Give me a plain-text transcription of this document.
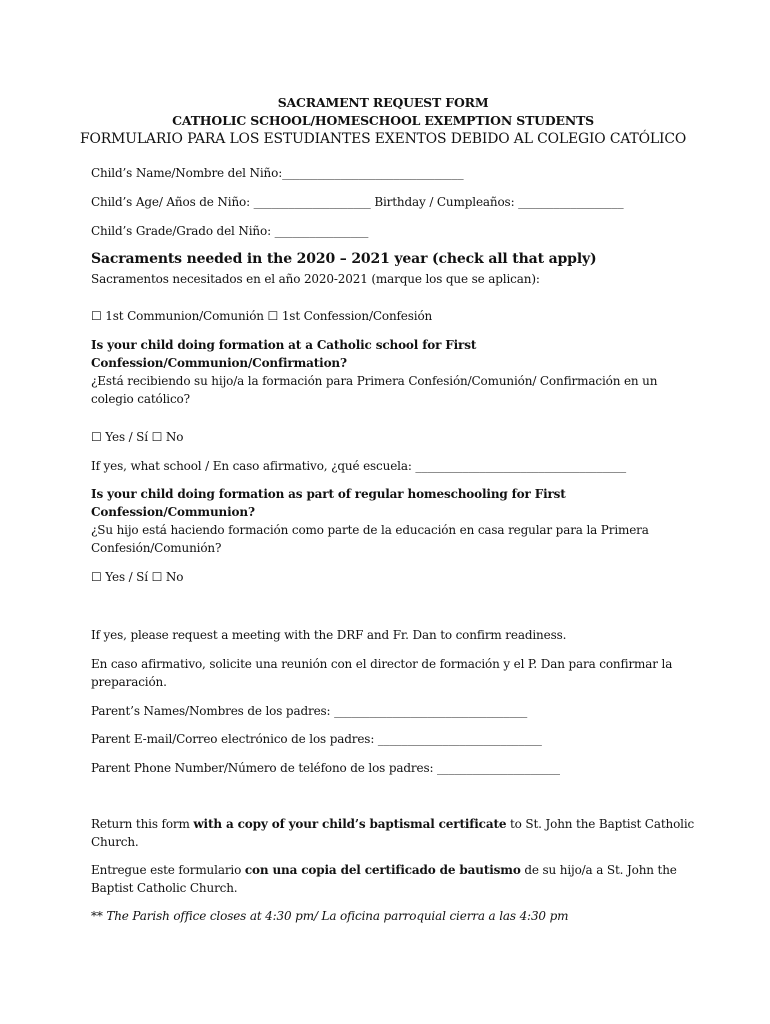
SACRAMENT REQUEST FORM
CATHOLIC SCHOOL/HOMESCHOOL EXEMPTION STUDENTS
FORMULARIO PARA LOS ESTUDIANTES EXENTOS DEBIDO AL COLEGIO CATÓLICO
Child’s Name/Nombre del Niño:_______________________________
Child’s Age/ Años de Niño: ____________________ Birthday / Cumpleaños: __________________
Child’s Grade/Grado del Niño: ________________
Sacraments needed in the 2020 – 2021 year (check all that apply)
Sacramentos necesitados en el año 2020-2021 (marque los que se aplican):
☐ 1st Communion/Comunión ☐ 1st Confession/Confesión
Is your child doing formation at a Catholic school for First
Confession/Communion/Confirmation?
¿Está recibiendo su hijo/a la formación para Primera Confesión/Comunión/ Confirmación en un
colegio católico?
☐ Yes / Sí ☐ No
If yes, what school / En caso afirmativo, ¿qué escuela: ____________________________________
Is your child doing formation as part of regular homeschooling for First
Confession/Communion?
¿Su hijo está haciendo formación como parte de la educación en casa regular para la Primera
Confesión/Comunión?
☐ Yes / Sí ☐ No
If yes, please request a meeting with the DRF and Fr. Dan to confirm readiness.
En caso afirmativo, solicite una reunión con el director de formación y el P. Dan para confirmar la
preparación.
Parent’s Names/Nombres de los padres: _________________________________
Parent E-mail/Correo electrónico de los padres: ____________________________
Parent Phone Number/Número de teléfono de los padres: _____________________
Return this form with a copy of your child’s baptismal certificate to St. John the Baptist Catholic
Church.
Entregue este formulario con una copia del certificado de bautismo de su hijo/a a St. John the
Baptist Catholic Church.
** The Parish office closes at 4:30 pm/ La oficina parroquial cierra a las 4:30 pm
